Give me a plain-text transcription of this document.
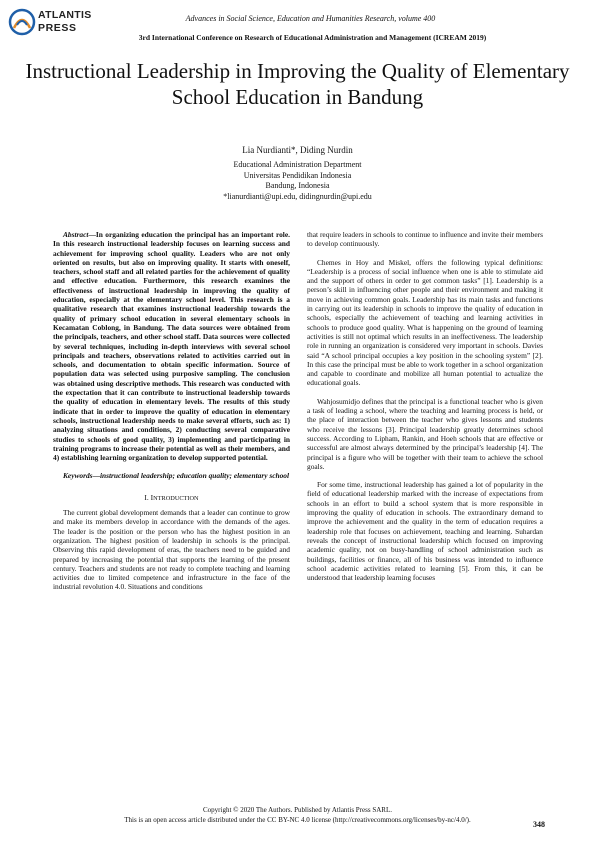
ATLANTIS
PRESS
Advances in Social Science, Education and Humanities Research, volume 400
3rd International Conference on Research of Educational Administration and Management (ICREAM 2019)
Instructional Leadership in Improving the Quality of Elementary School Education in Bandung
Lia Nurdianti*, Diding Nurdin
Educational Administration Department
Universitas Pendidikan Indonesia
Bandung, Indonesia
*lianurdianti@upi.edu, didingnurdin@upi.edu

Abstract—In organizing education the principal has an important role. In this research instructional leadership focuses on learning success and achievement for improving school quality. Leaders who are not only oriented on results, but also on improving quality. It starts with oneself, teachers, school staff and all related parties for the achievement of quality and effective education. Furthermore, this research examines the effectiveness of instructional leadership in improving the quality of education, especially at the elementary school level. This research is a qualitative research that examines instructional leadership towards the quality of primary school education in several elementary schools in Kecamatan Coblong, in Bandung. The data sources were obtained from the principals, teachers, and other school staff. Data sources were collected by several techniques, including in-depth interviews with several school principals and teachers, observations related to activities carried out in schools, and documentation to obtain specific information. Source of population data was selected using purposive sampling. The conclusion was obtained using descriptive methods. This research was conducted with the expectation that it can contribute to instructional leadership towards the quality of education in elementary levels. The results of this study indicate that in order to improve the quality of education in elementary schools, instructional leadership needs to make several efforts, such as: 1) analyzing situations and conditions, 2) conducting several comparative studies to schools of good quality, 3) implementing and participating in training programs to increase their potential as well as their members, and 4) establishing learning organization to develop supported potential.

Keywords—instructional leadership; education quality; elementary school

I. INTRODUCTION

The current global development demands that a leader can continue to grow and make its members develop in accordance with the demands of the ages. The leader is the position or the person who has the highest position in an organization. The highest position of leadership in schools is the principal. Observing this rapid development of eras, the teachers need to be guided and prepared by increasing the potential that supports the learning of the present century. Teachers and students are not ready to complete teaching and learning activities due to limited competence and infrastructure in the face of the industrial revolution 4.0. Situations and conditions

that require leaders in schools to continue to influence and invite their members to develop continuously.

Chemes in Hoy and Miskel, offers the following typical definitions: “Leadership is a process of social influence when one is able to stimulate aid and the support of others in order to get common tasks” [1]. Leadership is a person’s skill in influencing other people and their environment and making it move in achieving common goals. Leadership has its main tasks and functions in carrying out its leadership in schools to improve the quality of education in schools, especially the achievement of teaching and learning activities in schools to produce good quality. What is happening on the ground of learning activities is still not optimal which results in an ineffectiveness. The leadership role in running an organization is considered very important in schools. Davies said “A school principal occupies a key position in the schooling system” [2]. In this case the principal must be able to work together in a school organization and capable to coordinate and mobilize all human potential to actualize the educational goals.

Wahjosumidjo defines that the principal is a functional teacher who is given a task of leading a school, where the teaching and learning process is held, or the place of interaction between the teacher who gives lessons and students who receive the lessons [3]. Principal leadership greatly determines school success. According to Lipham, Rankin, and Hoeh schools that are effective or successful are almost always determined by the principal’s leadership [4]. The principal is a figure who will be together with their team to achieve the school goals.

For some time, instructional leadership has gained a lot of popularity in the field of educational leadership marked with the increase of expectations from schools in an effort to build a school system that is more responsible in improving the quality of education in schools. The extraordinary demand to improve the achievement and the quality in the term of education requires a leadership role that focuses on achievement, teaching and learning. Suhardan reveals the concept of instructional leadership which focused on improving academic quality, not on busy-handling of school administration such as buildings, facilities or finance, all of his business was intended to influence school academic activities related to learning [5]. From this, it can be understood that leadership learning focuses

Copyright © 2020 The Authors. Published by Atlantis Press SARL.
This is an open access article distributed under the CC BY-NC 4.0 license (http://creativecommons.org/licenses/by-nc/4.0/).
348
